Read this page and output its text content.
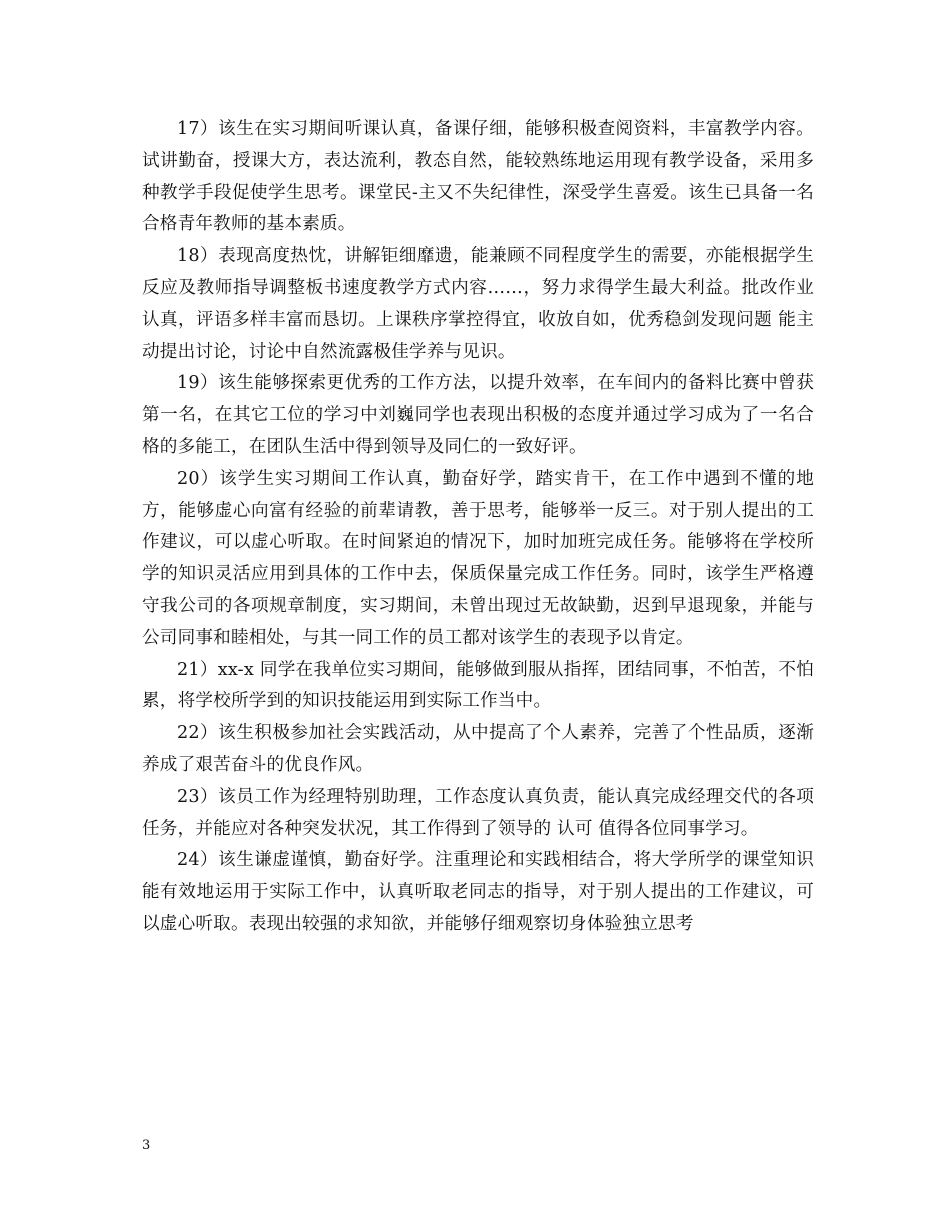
17）该生在实习期间听课认真，备课仔细，能够积极查阅资料，丰富教学内容。试讲勤奋，授课大方，表达流利，教态自然，能较熟练地运用现有教学设备，采用多种教学手段促使学生思考。课堂民-主又不失纪律性，深受学生喜爱。该生已具备一名合格青年教师的基本素质。

18）表现高度热忱，讲解钜细靡遗，能兼顾不同程度学生的需要，亦能根据学生反应及教师指导调整板书速度教学方式内容……，努力求得学生最大利益。批改作业认真，评语多样丰富而恳切。上课秩序掌控得宜，收放自如，优秀稳剑发现问题 能主动提出讨论，讨论中自然流露极佳学养与见识。

19）该生能够探索更优秀的工作方法，以提升效率，在车间内的备料比赛中曾获第一名，在其它工位的学习中刘巍同学也表现出积极的态度并通过学习成为了一名合格的多能工，在团队生活中得到领导及同仁的一致好评。

20）该学生实习期间工作认真，勤奋好学，踏实肯干，在工作中遇到不懂的地方，能够虚心向富有经验的前辈请教，善于思考，能够举一反三。对于别人提出的工作建议，可以虚心听取。在时间紧迫的情况下，加时加班完成任务。能够将在学校所学的知识灵活应用到具体的工作中去，保质保量完成工作任务。同时，该学生严格遵守我公司的各项规章制度，实习期间，未曾出现过无故缺勤，迟到早退现象，并能与公司同事和睦相处，与其一同工作的员工都对该学生的表现予以肯定。

21）xx-x 同学在我单位实习期间，能够做到服从指挥，团结同事，不怕苦，不怕累，将学校所学到的知识技能运用到实际工作当中。

22）该生积极参加社会实践活动，从中提高了个人素养，完善了个性品质，逐渐养成了艰苦奋斗的优良作风。

23）该员工作为经理特别助理，工作态度认真负责，能认真完成经理交代的各项任务，并能应对各种突发状况，其工作得到了领导的 认可 值得各位同事学习。

24）该生谦虚谨慎，勤奋好学。注重理论和实践相结合，将大学所学的课堂知识能有效地运用于实际工作中，认真听取老同志的指导，对于别人提出的工作建议，可以虚心听取。表现出较强的求知欲，并能够仔细观察切身体验独立思考

3
